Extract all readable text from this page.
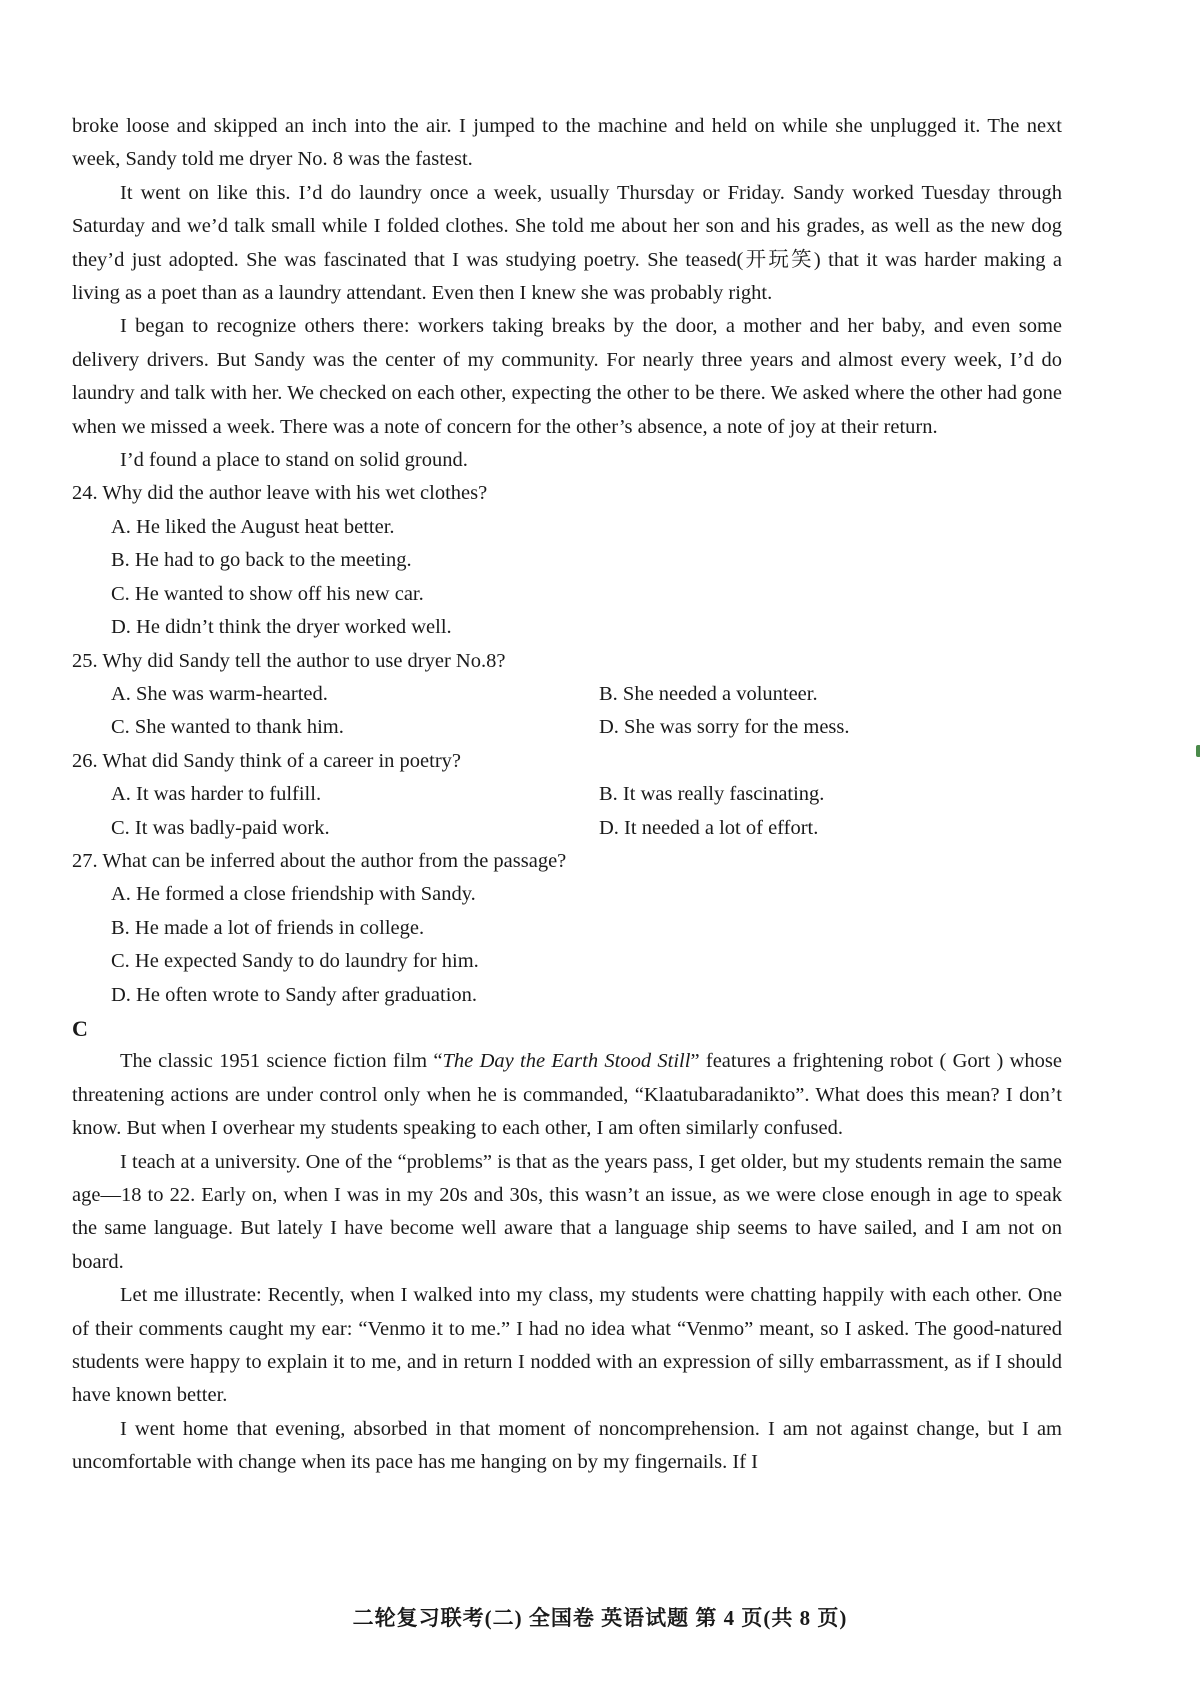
broke loose and skipped an inch into the air. I jumped to the machine and held on while she unplugged it. The next week, Sandy told me dryer No. 8 was the fastest.

It went on like this. I’d do laundry once a week, usually Thursday or Friday. Sandy worked Tuesday through Saturday and we’d talk small while I folded clothes. She told me about her son and his grades, as well as the new dog they’d just adopted. She was fascinated that I was studying poetry. She teased(开玩笑) that it was harder making a living as a poet than as a laundry attendant. Even then I knew she was probably right.

I began to recognize others there: workers taking breaks by the door, a mother and her baby, and even some delivery drivers. But Sandy was the center of my community. For nearly three years and almost every week, I’d do laundry and talk with her. We checked on each other, expecting the other to be there. We asked where the other had gone when we missed a week. There was a note of concern for the other’s absence, a note of joy at their return.

I’d found a place to stand on solid ground.

24. Why did the author leave with his wet clothes?

A. He liked the August heat better.

B. He had to go back to the meeting.

C. He wanted to show off his new car.

D. He didn’t think the dryer worked well.

25. Why did Sandy tell the author to use dryer No.8?

A. She was warm-hearted.	B. She needed a volunteer.
C. She wanted to thank him.	D. She was sorry for the mess.

26. What did Sandy think of a career in poetry?

A. It was harder to fulfill.	B. It was really fascinating.
C. It was badly-paid work.	D. It needed a lot of effort.

27. What can be inferred about the author from the passage?

A. He formed a close friendship with Sandy.

B. He made a lot of friends in college.

C. He expected Sandy to do laundry for him.

D. He often wrote to Sandy after graduation.

C

The classic 1951 science fiction film “The Day the Earth Stood Still” features a frightening robot ( Gort ) whose threatening actions are under control only when he is commanded, “Klaatubaradanikto”. What does this mean? I don’t know. But when I overhear my students speaking to each other, I am often similarly confused.

I teach at a university. One of the “problems” is that as the years pass, I get older, but my students remain the same age—18 to 22. Early on, when I was in my 20s and 30s, this wasn’t an issue, as we were close enough in age to speak the same language. But lately I have become well aware that a language ship seems to have sailed, and I am not on board.

Let me illustrate: Recently, when I walked into my class, my students were chatting happily with each other. One of their comments caught my ear: “Venmo it to me.” I had no idea what “Venmo” meant, so I asked. The good-natured students were happy to explain it to me, and in return I nodded with an expression of silly embarrassment, as if I should have known better.

I went home that evening, absorbed in that moment of noncomprehension. I am not against change, but I am uncomfortable with change when its pace has me hanging on by my fingernails. If I

二轮复习联考(二) 全国卷 英语试题 第 4 页(共 8 页)
